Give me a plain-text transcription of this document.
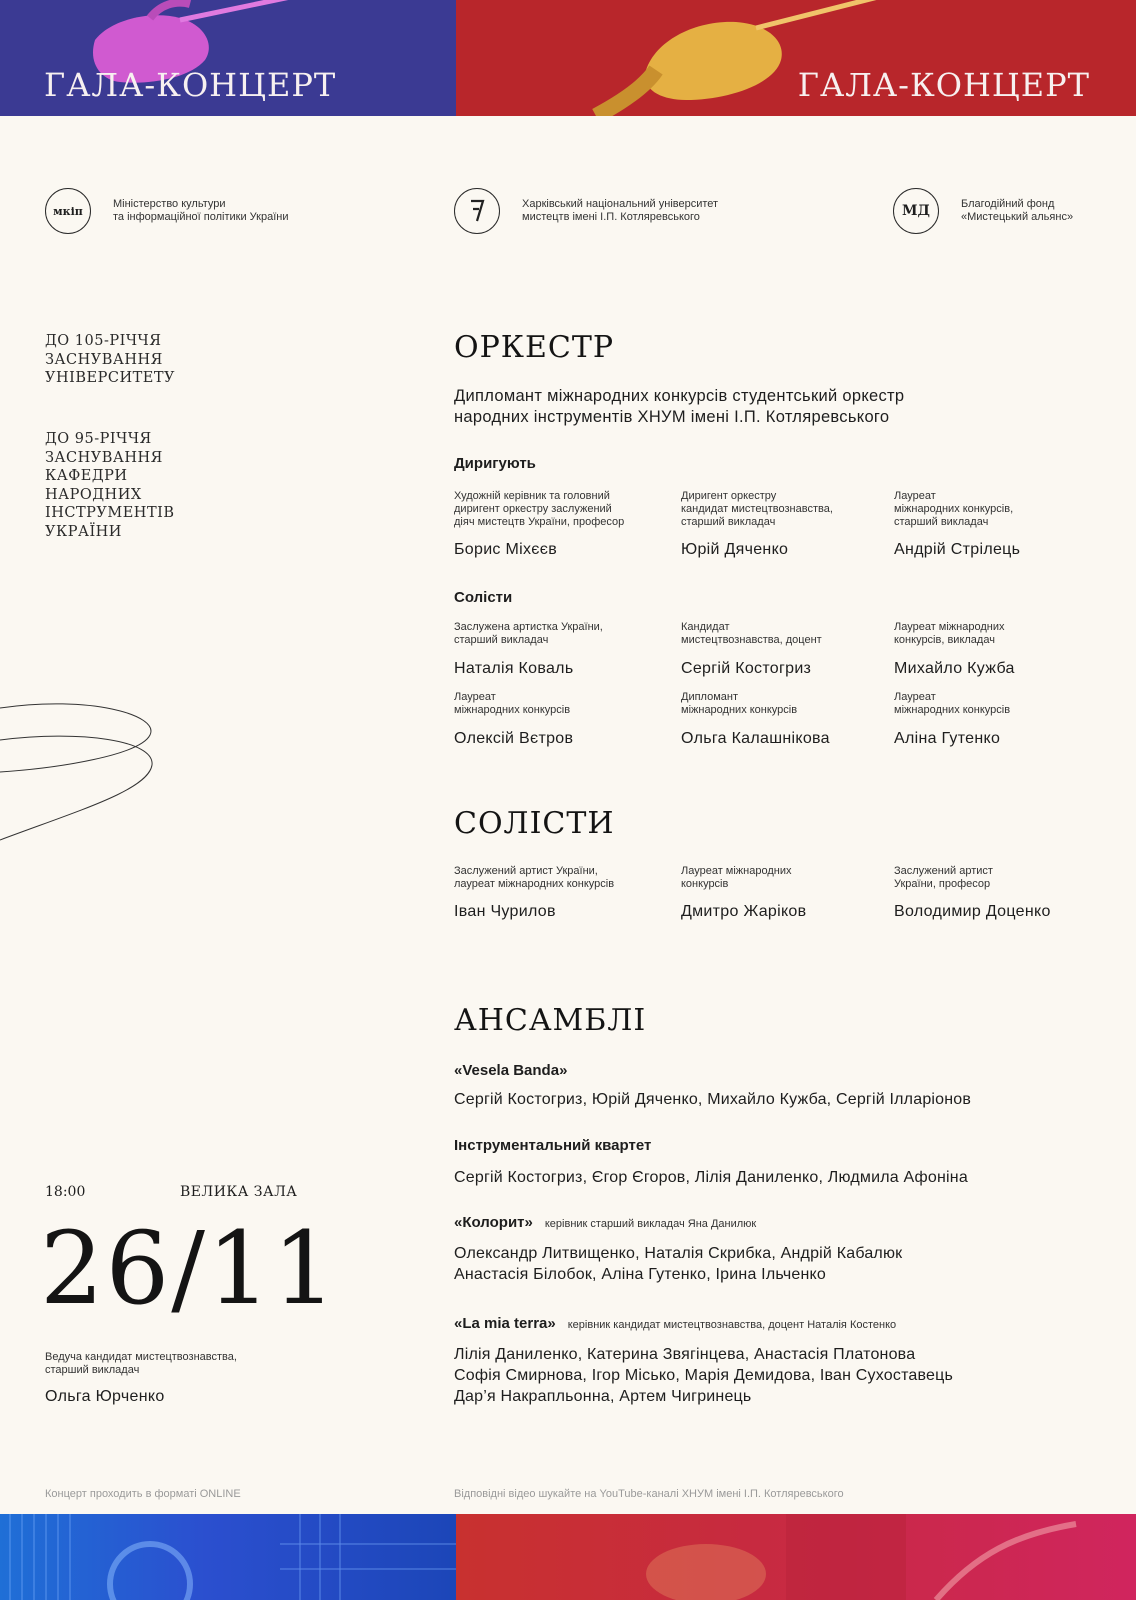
ГАЛА-КОНЦЕРТ	ГАЛА-КОНЦЕРТ
мкіп
Міністерство культури
та інформаційної політики України
Харківський національний університет
мистецтв імені І.П. Котляревського	МД	Благодійний фонд
«Мистецький альянс»
ДО 105-РІЧЧЯ
ЗАСНУВАННЯ
УНІВЕРСИТЕТУ
ДО 95-РІЧЧЯ
ЗАСНУВАННЯ
КАФЕДРИ
НАРОДНИХ
ІНСТРУМЕНТІВ
УКРАЇНИ
18:00	ВЕЛИКА ЗАЛА
26/11
Ведуча кандидат мистецтвознавства,
старший викладач
Ольга Юрченко
ОРКЕСТР
Дипломант міжнародних конкурсів студентський оркестр
народних інструментів ХНУМ імені І.П. Котляревського
Диригують
Художній керівник та головний
диригент оркестру заслужений
діяч мистецтв України, професор
Борис Міхєєв
Диригент оркестру
кандидат мистецтвознавства,
старший викладач
Юрій Дяченко
Лауреат
міжнародних конкурсів,
старший викладач
Андрій Стрілець
Солісти
Заслужена артистка України,
старший викладач
Наталія Коваль
Кандидат
мистецтвознавства, доцент
Сергій Костогриз
Лауреат міжнародних
конкурсів, викладач
Михайло Кужба
Лауреат
міжнародних конкурсів
Олексій Вєтров
Дипломант
міжнародних конкурсів
Ольга Калашнікова
Лауреат
міжнародних конкурсів
Аліна Гутенко
СОЛІСТИ
Заслужений артист України,
лауреат міжнародних конкурсів
Іван Чурилов
Лауреат міжнародних
конкурсів
Дмитро Жаріков
Заслужений артист
України, професор
Володимир Доценко
АНСАМБЛІ
«Vesela Banda»
Сергій Костогриз, Юрій Дяченко, Михайло Кужба, Сергій Ілларіонов
Інструментальний квартет
Сергій Костогриз, Єгор Єгоров, Лілія Даниленко, Людмила Афоніна
«Колорит» керівник старший викладач Яна Данилюк
Олександр Литвищенко, Наталія Скрибка, Андрій Кабалюк
Анастасія Білобок, Аліна Гутенко, Ірина Ільченко
«La mia terra» керівник кандидат мистецтвознавства, доцент Наталія Костенко
Лілія Даниленко, Катерина Звягінцева, Анастасія Платонова
Софія Смирнова, Ігор Мiсько, Марія Демидова, Іван Сухоставець
Дар’я Накрапльонна, Артем Чигринець
Концерт проходить в форматі ONLINE	Відповідні відео шукайте на YouTube-каналі ХНУМ імені І.П. Котляревського
